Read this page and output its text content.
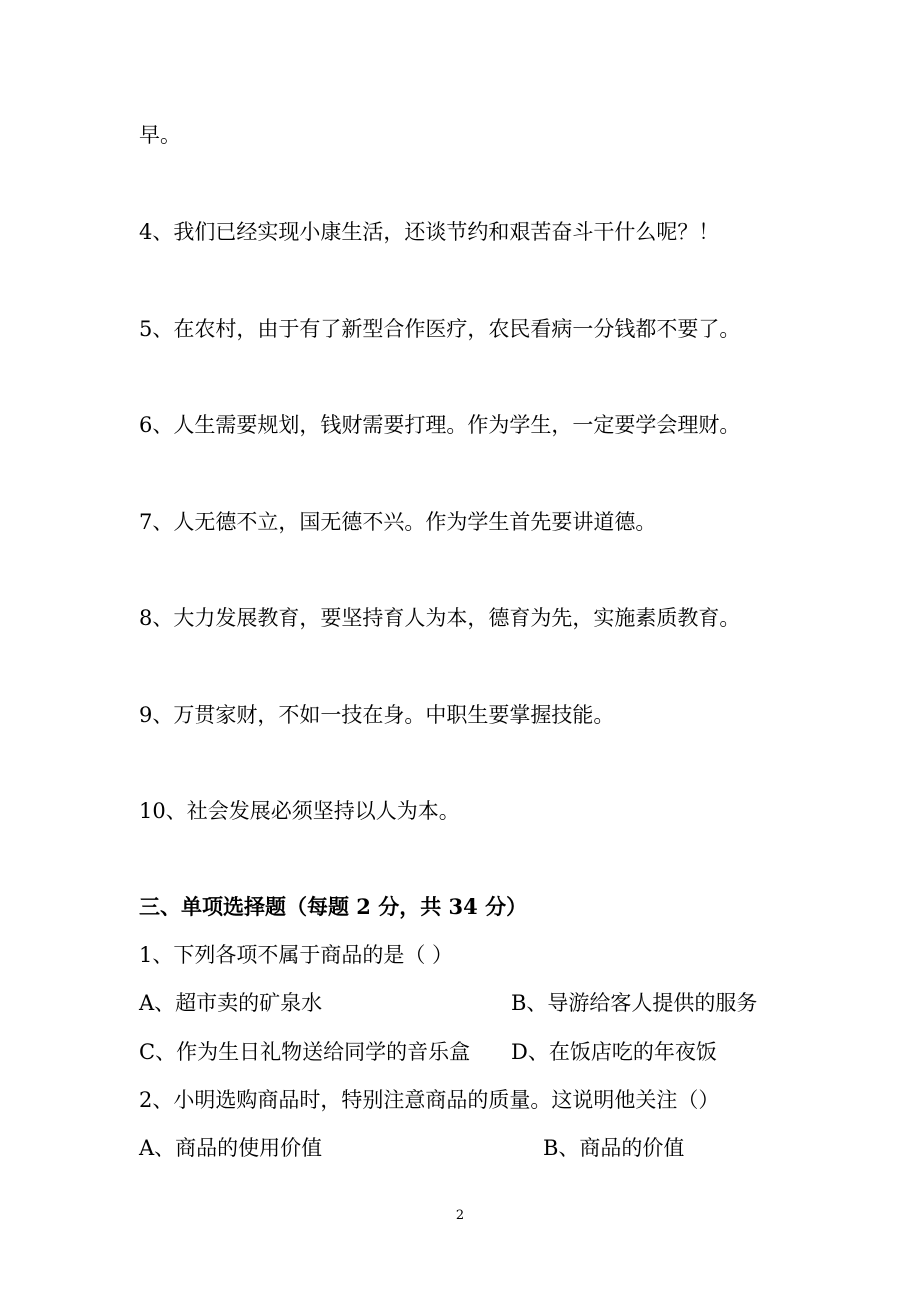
早。
4、我们已经实现小康生活，还谈节约和艰苦奋斗干什么呢？！
5、在农村，由于有了新型合作医疗，农民看病一分钱都不要了。
6、人生需要规划，钱财需要打理。作为学生，一定要学会理财。
7、人无德不立，国无德不兴。作为学生首先要讲道德。
8、大力发展教育，要坚持育人为本，德育为先，实施素质教育。
9、万贯家财，不如一技在身。中职生要掌握技能。
10、社会发展必须坚持以人为本。
三、单项选择题（每题 2 分，共 34 分）
1、下列各项不属于商品的是（ ）
A、超市卖的矿泉水	B、导游给客人提供的服务
C、作为生日礼物送给同学的音乐盒 D、在饭店吃的年夜饭
2、小明选购商品时，特别注意商品的质量。这说明他关注（）
A、商品的使用价值	B、商品的价值
2
